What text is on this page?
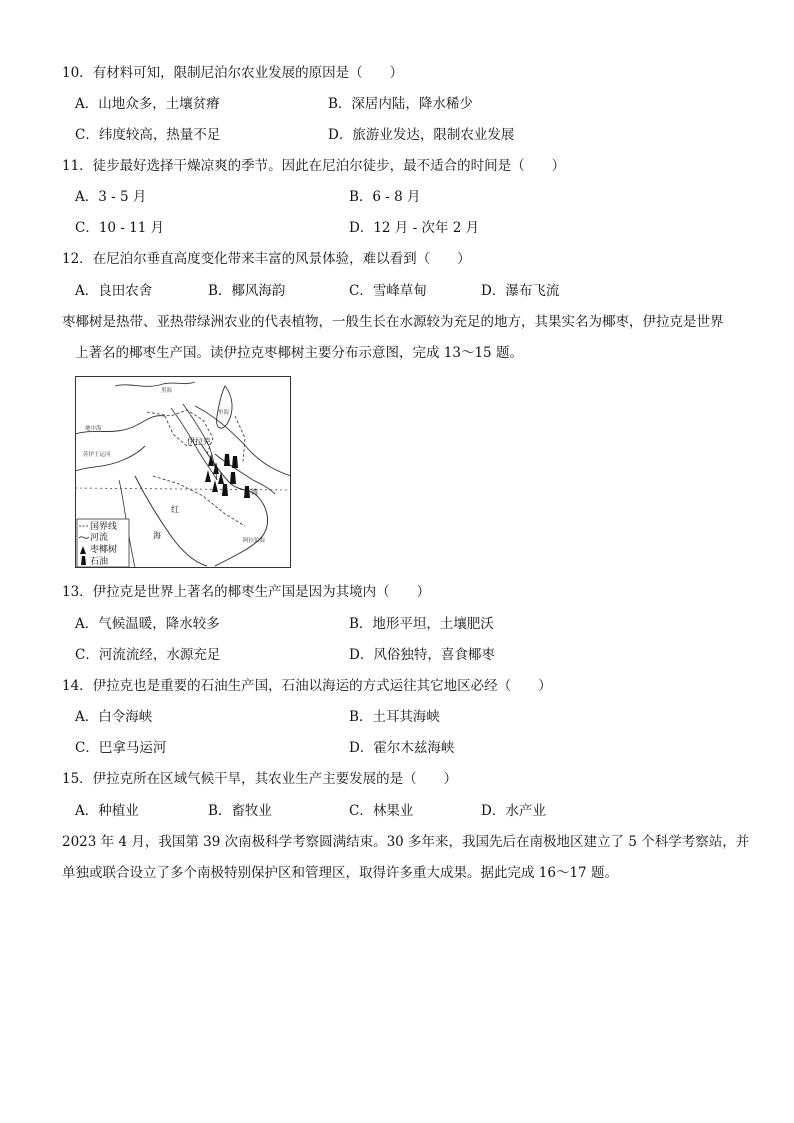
10．有材料可知，限制尼泊尔农业发展的原因是（　　）
A．山地众多，土壤贫瘠	B．深居内陆，降水稀少
C．纬度较高，热量不足	D．旅游业发达，限制农业发展
11．徒步最好选择干燥凉爽的季节。因此在尼泊尔徒步，最不适合的时间是（　　）
A．3 - 5 月	B．6 - 8 月
C．10 - 11 月	D．12 月 - 次年 2 月
12．在尼泊尔垂直高度变化带来丰富的风景体验，难以看到（　　）
A．良田农舍	B．椰风海韵	C．雪峰草甸	D．瀑布飞流
枣椰树是热带、亚热带绿洲农业的代表植物，一般生长在水源较为充足的地方，其果实名为椰枣，伊拉克是世界
上著名的椰枣生产国。读伊拉克枣椰树主要分布示意图，完成 13～15 题。
地中海
黑海
里海
苏伊士运河
伊拉克
红
海
湾
阿拉伯海
国界线
河流
枣椰树
石油
13．伊拉克是世界上著名的椰枣生产国是因为其境内（　　）
A．气候温暖，降水较多	B．地形平坦，土壤肥沃
C．河流流经，水源充足	D．风俗独特，喜食椰枣
14．伊拉克也是重要的石油生产国，石油以海运的方式运往其它地区必经（　　）
A．白令海峡	B．土耳其海峡
C．巴拿马运河	D．霍尔木兹海峡
15．伊拉克所在区域气候干旱，其农业生产主要发展的是（　　）
A．种植业	B．畜牧业	C．林果业	D．水产业
2023 年 4 月，我国第 39 次南极科学考察圆满结束。30 多年来，我国先后在南极地区建立了 5 个科学考察站，并
单独或联合设立了多个南极特别保护区和管理区，取得许多重大成果。据此完成 16～17 题。
